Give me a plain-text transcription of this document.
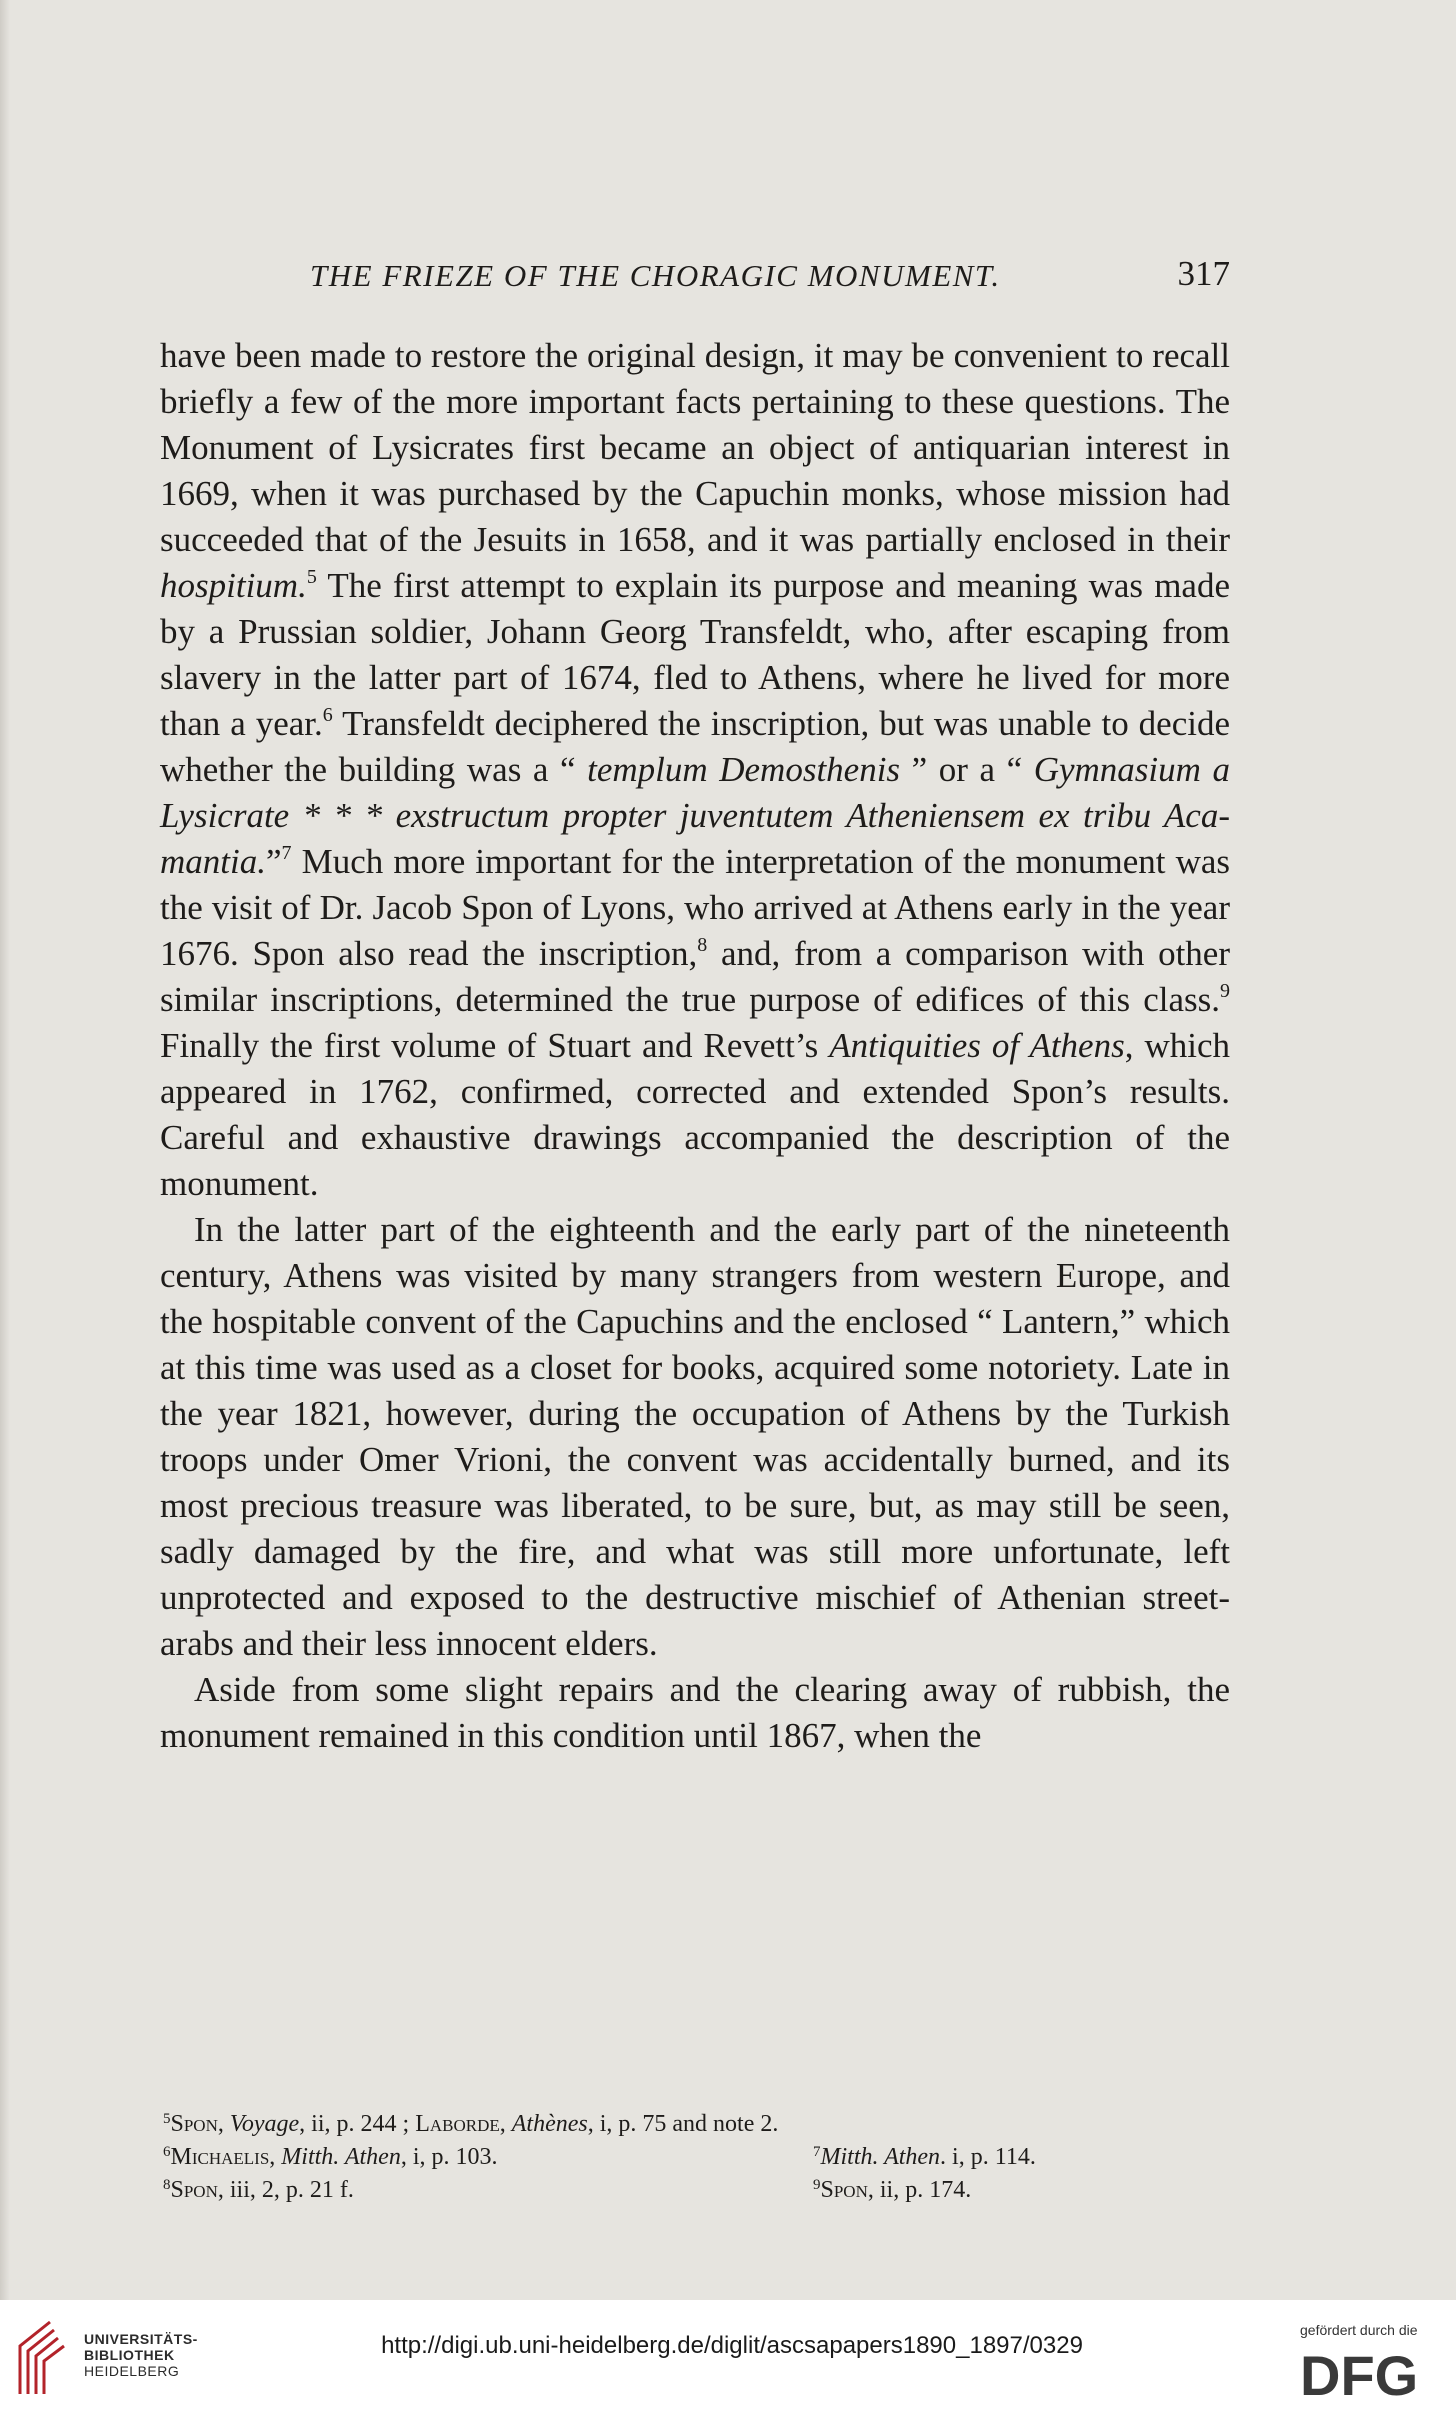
THE FRIEZE OF THE CHORAGIC MONUMENT.	317

have been made to restore the original design, it may be convenient to recall briefly a few of the more important facts pertaining to these questions. The Monument of Lysicrates first became an object of antiquarian interest in 1669, when it was purchased by the Capuchin monks, whose mission had succeeded that of the Jesuits in 1658, and it was partially enclosed in their hospitium.$^5$ The first attempt to explain its purpose and meaning was made by a Prussian soldier, Johann Georg Transfeldt, who, after escaping from slavery in the latter part of 1674, fled to Athens, where he lived for more than a year.$^6$ Transfeldt deciphered the inscription, but was unable to decide whether the building was a “ templum Demosthenis ” or a “ Gymnasium a Lysicrate * * * exstructum propter juventutem Atheniensem ex tribu Acamantia.”$^7$ Much more important for the interpretation of the monument was the visit of Dr. Jacob Spon of Lyons, who arrived at Athens early in the year 1676. Spon also read the inscription,$^8$ and, from a comparison with other similar inscriptions, determined the true purpose of edifices of this class.$^9$ Finally the first volume of Stuart and Revett’s Antiquities of Athens, which appeared in 1762, confirmed, corrected and extended Spon’s results. Careful and exhaustive drawings accompanied the description of the monument.

In the latter part of the eighteenth and the early part of the nineteenth century, Athens was visited by many strangers from western Europe, and the hospitable convent of the Capuchins and the enclosed “ Lantern,” which at this time was used as a closet for books, acquired some notoriety. Late in the year 1821, however, during the occupation of Athens by the Turkish troops under Omer Vrioni, the convent was accidentally burned, and its most precious treasure was liberated, to be sure, but, as may still be seen, sadly damaged by the fire, and what was still more unfortunate, left unprotected and exposed to the destructive mischief of Athenian street-arabs and their less innocent elders.

Aside from some slight repairs and the clearing away of rubbish, the monument remained in this condition until 1867, when the

$^5$Spon, Voyage, ii, p. 244 ; Laborde, Athènes, i, p. 75 and note 2.
$^6$Michaelis, Mitth. Athen, i, p. 103.	$^7$Mitth. Athen. i, p. 114.
$^8$Spon, iii, 2, p. 21 f.	$^9$Spon, ii, p. 174.
UNIVERSITÄTS-
BIBLIOTHEK
HEIDELBERG
http://digi.ub.uni-heidelberg.de/diglit/ascsapapers1890_1897/0329
gefördert durch die
DFG
